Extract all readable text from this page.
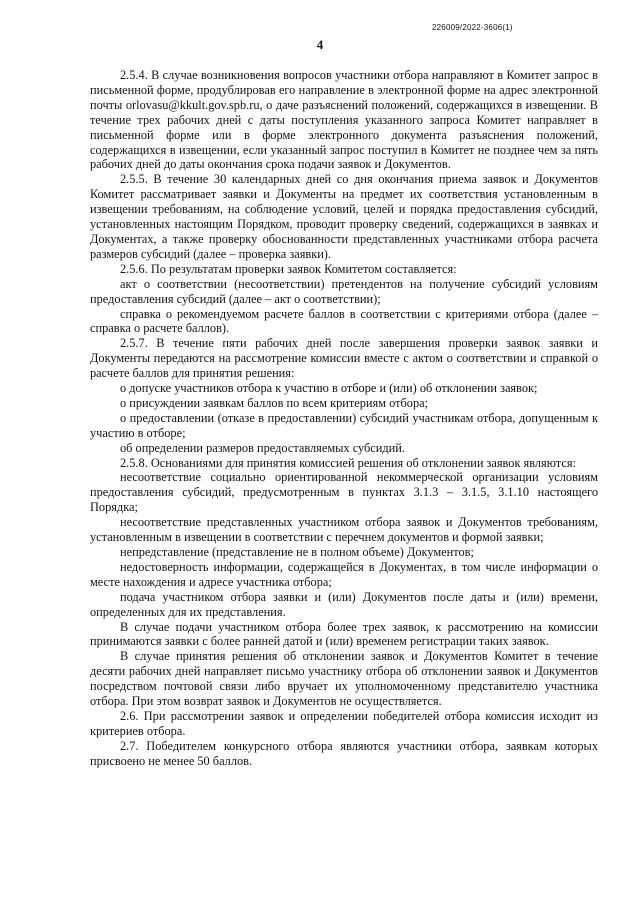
226009/2022-3606(1)
4

2.5.4. В случае возникновения вопросов участники отбора направляют в Комитет запрос в письменной форме, продублировав его направление в электронной форме на адрес электронной почты orlovasu@kkult.gov.spb.ru, о даче разъяснений положений, содержащихся в извещении. В течение трех рабочих дней с даты поступления указанного запроса Комитет направляет в письменной форме или в форме электронного документа разъяснения положений, содержащихся в извещении, если указанный запрос поступил в Комитет не позднее чем за пять рабочих дней до даты окончания срока подачи заявок и Документов.

2.5.5. В течение 30 календарных дней со дня окончания приема заявок и Документов Комитет рассматривает заявки и Документы на предмет их соответствия установленным в извещении требованиям, на соблюдение условий, целей и порядка предоставления субсидий, установленных настоящим Порядком, проводит проверку сведений, содержащихся в заявках и Документах, а также проверку обоснованности представленных участниками отбора расчета размеров субсидий (далее – проверка заявки).

2.5.6. По результатам проверки заявок Комитетом составляется:

акт о соответствии (несоответствии) претендентов на получение субсидий условиям предоставления субсидий (далее – акт о соответствии);

справка о рекомендуемом расчете баллов в соответствии с критериями отбора (далее – справка о расчете баллов).

2.5.7. В течение пяти рабочих дней после завершения проверки заявок заявки и Документы передаются на рассмотрение комиссии вместе с актом о соответствии и справкой о расчете баллов для принятия решения:

о допуске участников отбора к участию в отборе и (или) об отклонении заявок;

о присуждении заявкам баллов по всем критериям отбора;

о предоставлении (отказе в предоставлении) субсидий участникам отбора, допущенным к участию в отборе;

об определении размеров предоставляемых субсидий.

2.5.8. Основаниями для принятия комиссией решения об отклонении заявок являются:

несоответствие социально ориентированной некоммерческой организации условиям предоставления субсидий, предусмотренным в пунктах 3.1.3 – 3.1.5, 3.1.10 настоящего Порядка;

несоответствие представленных участником отбора заявок и Документов требованиям, установленным в извещении в соответствии с перечнем документов и формой заявки;

непредставление (представление не в полном объеме) Документов;

недостоверность информации, содержащейся в Документах, в том числе информации о месте нахождения и адресе участника отбора;

подача участником отбора заявки и (или) Документов после даты и (или) времени, определенных для их представления.

В случае подачи участником отбора более трех заявок, к рассмотрению на комиссии принимаются заявки с более ранней датой и (или) временем регистрации таких заявок.

В случае принятия решения об отклонении заявок и Документов Комитет в течение десяти рабочих дней направляет письмо участнику отбора об отклонении заявок и Документов посредством почтовой связи либо вручает их уполномоченному представителю участника отбора. При этом возврат заявок и Документов не осуществляется.

2.6. При рассмотрении заявок и определении победителей отбора комиссия исходит из критериев отбора.

2.7. Победителем конкурсного отбора являются участники отбора, заявкам которых присвоено не менее 50 баллов.
